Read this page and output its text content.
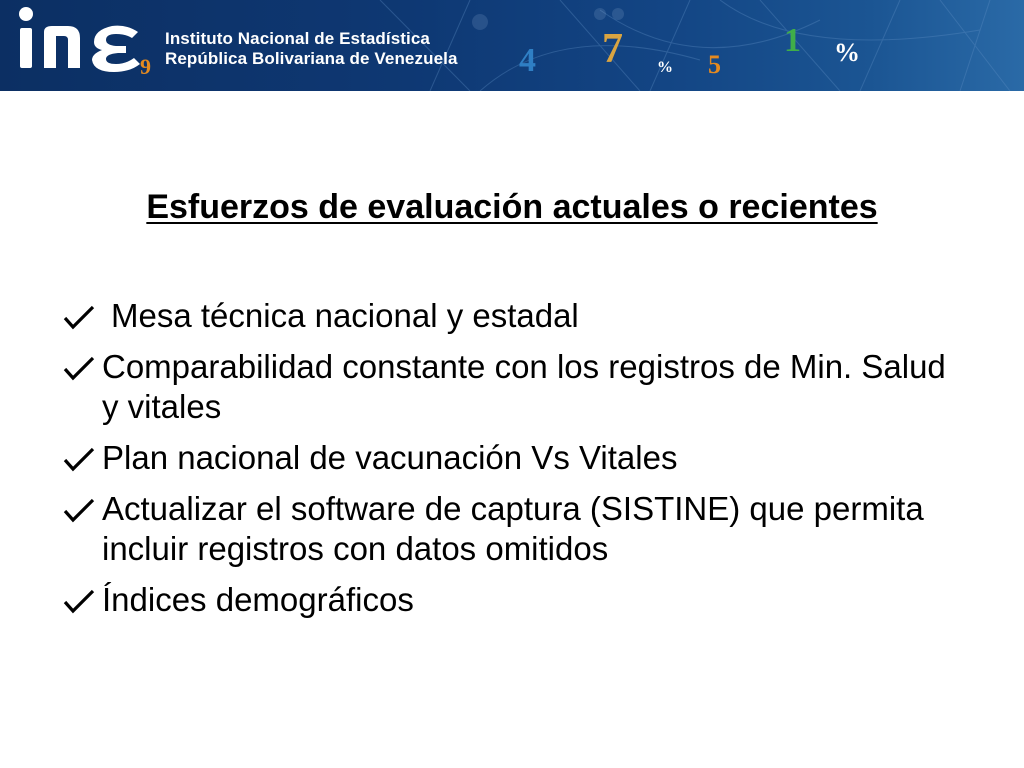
9
Instituto Nacional de Estadística
República Bolivariana de Venezuela 4 7 % 5
1 %
Esfuerzos de evaluación actuales o recientes
Mesa técnica nacional y estadal
Comparabilidad constante con los registros de Min. Salud y vitales
Plan nacional de vacunación Vs Vitales
Actualizar el software de captura (SISTINE) que permita incluir registros con datos omitidos
Índices demográficos
